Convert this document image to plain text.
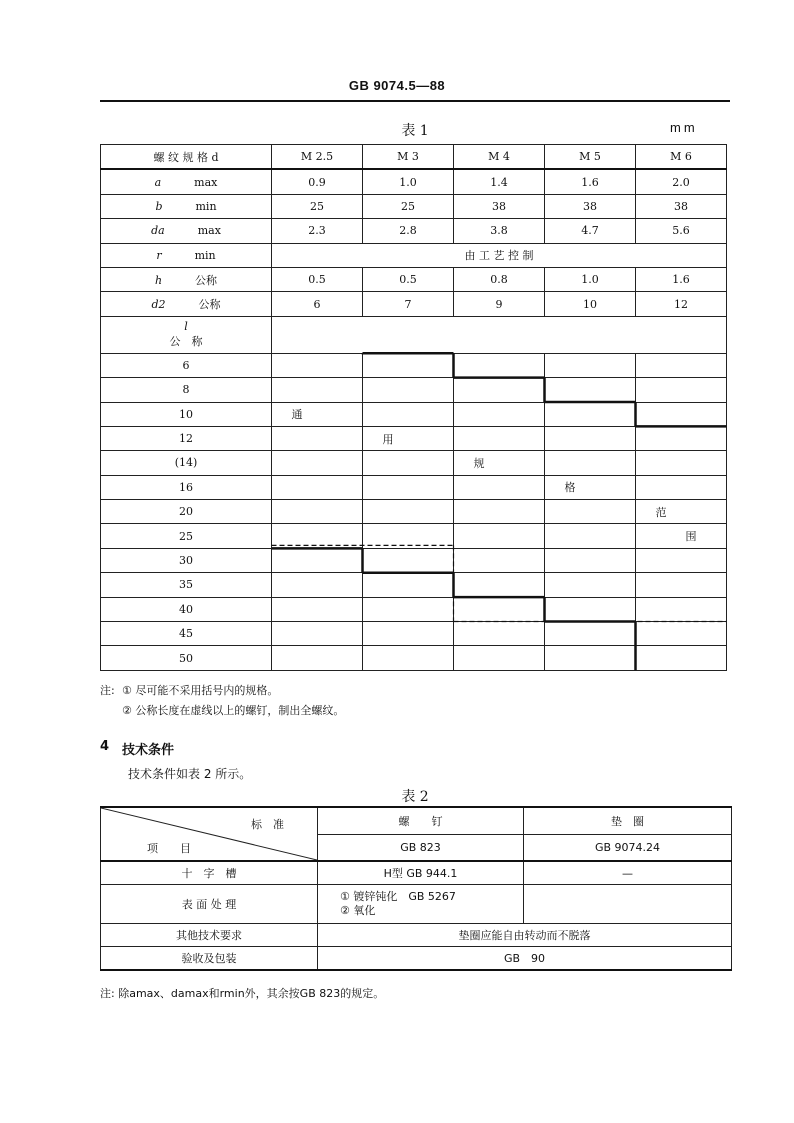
GB 9074.5—88
表 1	mm
螺 纹 规 格 d	M 2.5	M 3	M 4	M 5	M 6
a    max	0.9	1.0	1.4	1.6	2.0
b    min	25	25	38	38	38
da    max	2.3	2.8	3.8	4.7	5.6
r    min	由 工 艺 控 制				
h    公称	0.5	0.5	0.8	1.0	1.6
d2    公称	6	7	9	10	12

l
公　称					

6					
8					
10	通				
12		用			
(14)			规		
16				格	
20					范
25					围
30					
35					
40					
45					
50					
注: ① 尽可能不采用括号内的规格。
② 公称长度在虚线以上的螺钉，制出全螺纹。
4 技术条件
技术条件如表 2 所示。
表 2
标　准
项　　目	螺　　钉	垫　圈
	GB 823	GB 9074.24
十　字　槽	H型 GB 944.1	—
表 面 处 理	① 镀锌钝化　GB 5267
② 氧化	

其他技术要求	垫圈应能自由转动而不脱落	
验收及包装	GB　90	
注: 除amax、damax和rmin外，其余按GB 823的规定。
